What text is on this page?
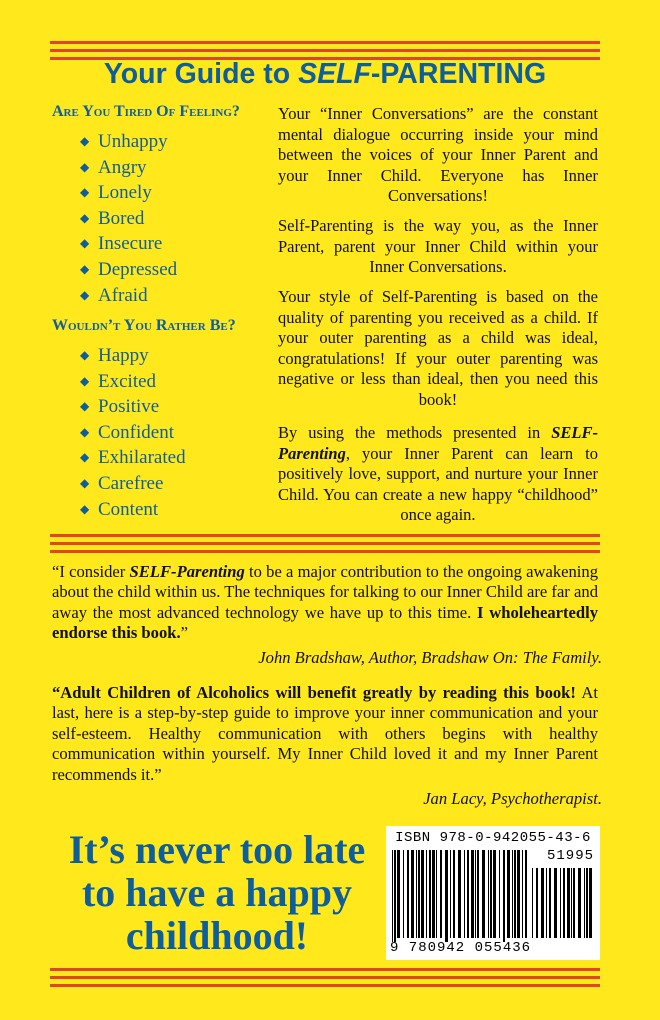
Your Guide to SELF-PARENTING
Are You Tired Of Feeling?
◆ Unhappy
◆ Angry
◆ Lonely
◆ Bored
◆ Insecure
◆ Depressed
◆ Afraid
Wouldn’t You Rather Be?
◆ Happy
◆ Excited
◆ Positive
◆ Confident
◆ Exhilarated
◆ Carefree
◆ Content

Your “Inner Conversations” are the constant mental dialogue occurring inside your mind between the voices of your Inner Parent and your Inner Child. Everyone has Inner Conversations!

Self-Parenting is the way you, as the Inner Parent, parent your Inner Child within your Inner Conversations.

Your style of Self-Parenting is based on the quality of parenting you received as a child. If your outer parenting as a child was ideal, congratulations! If your outer parenting was negative or less than ideal, then you need this book!

By using the methods presented in SELF-Parenting, your Inner Parent can learn to positively love, support, and nurture your Inner Child. You can create a new happy “childhood” once again.

“I consider SELF-Parenting to be a major contribution to the ongoing awakening about the child within us. The techniques for talking to our Inner Child are far and away the most advanced technology we have up to this time. I wholeheartedly endorse this book.”
John Bradshaw, Author, Bradshaw On: The Family.
“Adult Children of Alcoholics will benefit greatly by reading this book! At last, here is a step-by-step guide to improve your inner communication and your self-esteem. Healthy communication with others begins with healthy communication within yourself. My Inner Child loved it and my Inner Parent recommends it.”
Jan Lacy, Psychotherapist.
It’s never too late
to have a happy
childhood!
ISBN 978-0-942055-43-6
51995
9 780942 055436
